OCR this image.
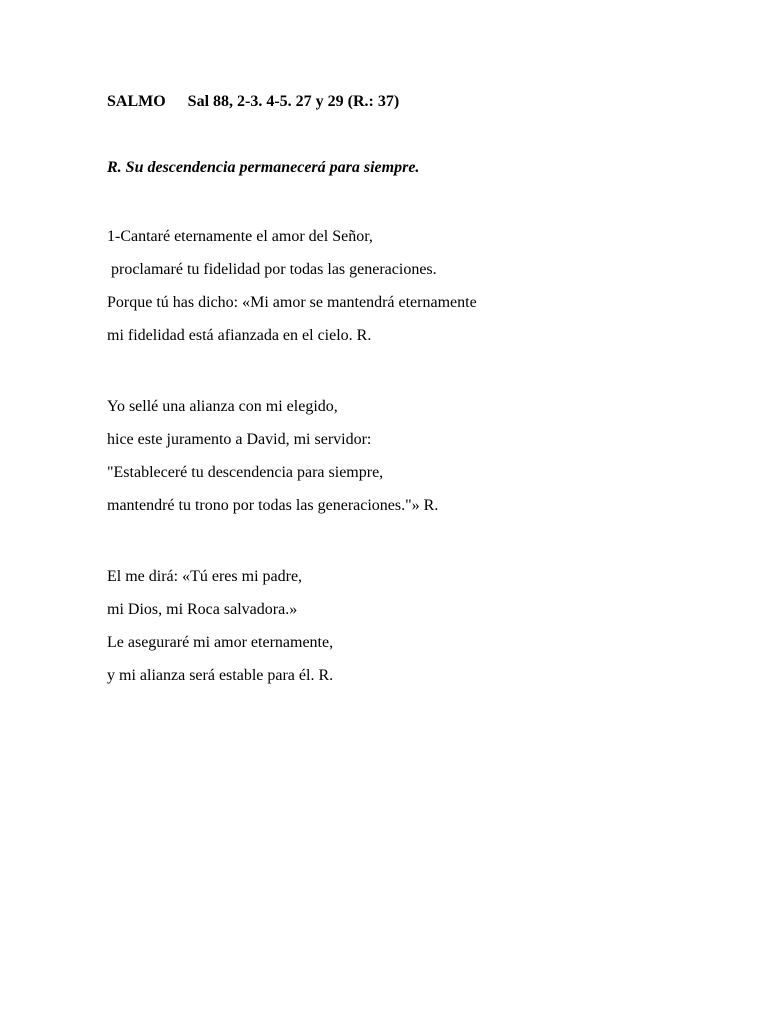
SALMO Sal 88, 2-3. 4-5. 27 y 29 (R.: 37)
R. Su descendencia permanecerá para siempre.
1-Cantaré eternamente el amor del Señor,
proclamaré tu fidelidad por todas las generaciones.
Porque tú has dicho: «Mi amor se mantendrá eternamente
mi fidelidad está afianzada en el cielo. R.
Yo sellé una alianza con mi elegido,
hice este juramento a David, mi servidor:
"Estableceré tu descendencia para siempre,
mantendré tu trono por todas las generaciones."» R.
El me dirá: «Tú eres mi padre,
mi Dios, mi Roca salvadora.»
Le aseguraré mi amor eternamente,
y mi alianza será estable para él. R.
